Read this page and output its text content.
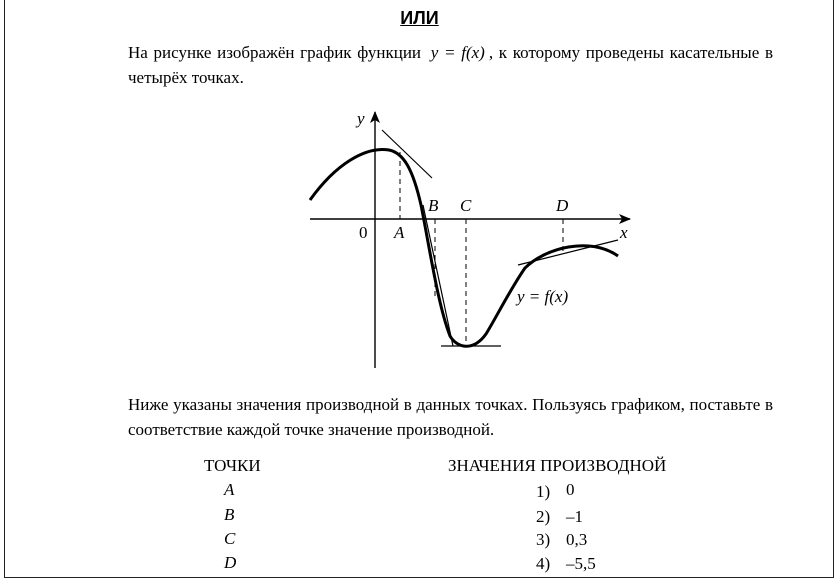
ИЛИ
На рисунке изображён график функции y = f(x) , к которому проведены касательные в четырёх точках.
y
x
0 A
B C	D
y = f(x)
Ниже указаны значения производной в данных точках. Пользуясь графиком, поставьте в соответствие каждой точке значение производной.
ТОЧКИ	ЗНАЧЕНИЯ ПРОИЗВОДНОЙ
A
B
C
D
1) 0
2) –1
3) 0,3
4) –5,5
